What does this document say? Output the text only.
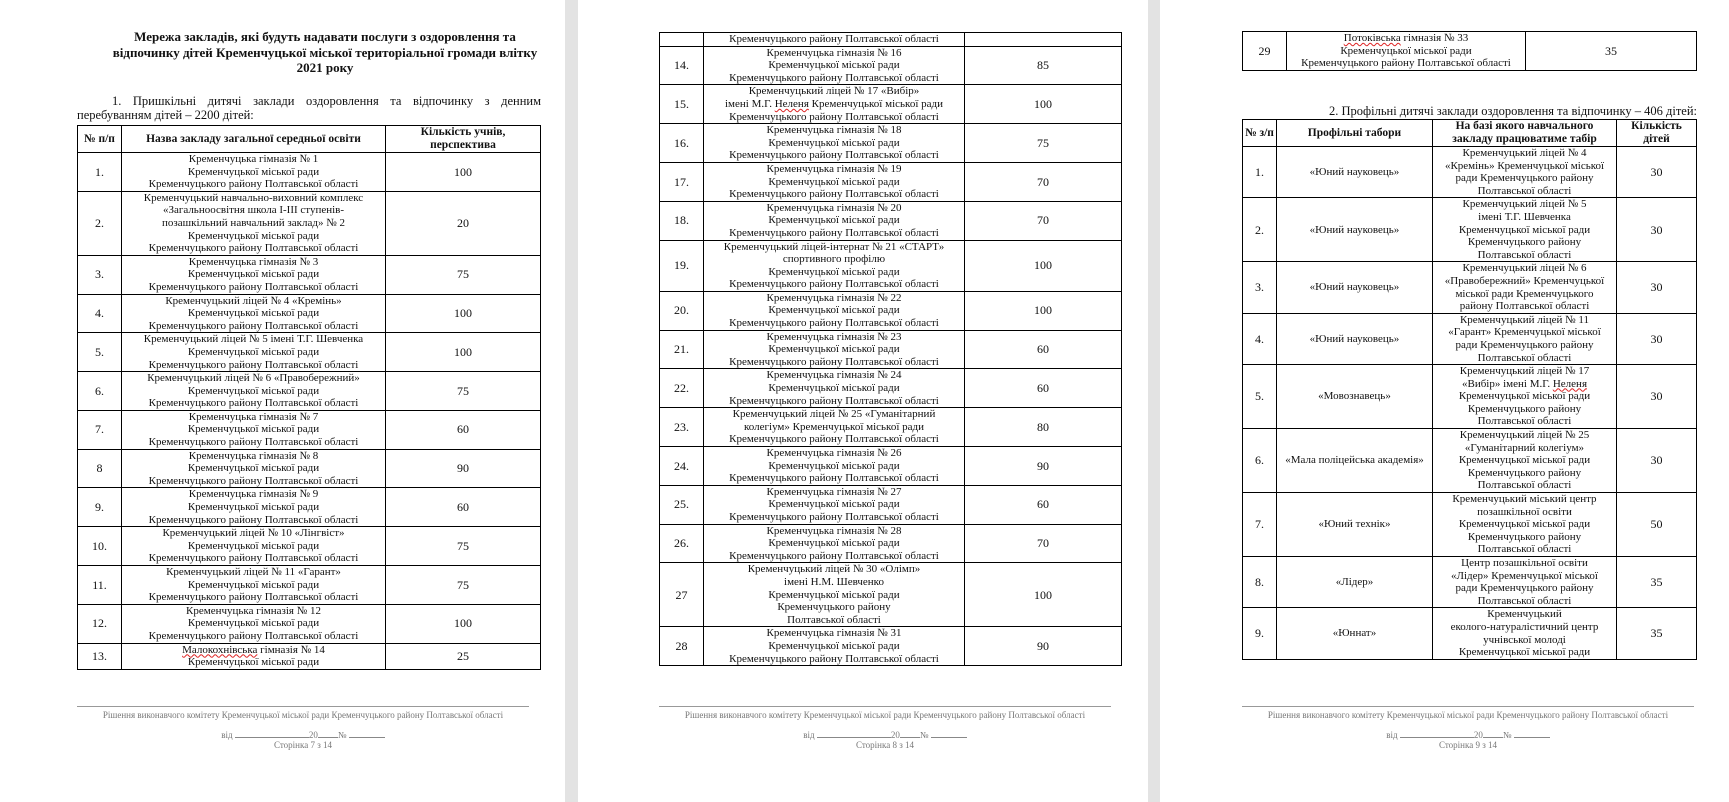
Мережа закладів, які будуть надавати послуги з оздоровлення та відпочинку дітей Кременчуцької міської територіальної громади влітку 2021 року
1. Пришкільні дитячі заклади оздоровлення та відпочинку з денним перебуванням дітей – 2200 дітей:
№ п/п	Назва закладу загальної середньої освіти	Кількість учнів, перспектива
1.	Кременчуцька гімназія № 1
Кременчуцької міської ради
Кременчуцького району Полтавської області	100
2.	Кременчуцький навчально-виховний комплекс
«Загальноосвітня школа І-ІІІ ступенів-
позашкільний навчальний заклад» № 2
Кременчуцької міської ради
Кременчуцького району Полтавської області	20
3.	Кременчуцька гімназія № 3
Кременчуцької міської ради
Кременчуцького району Полтавської області	75
4.	Кременчуцький ліцей № 4 «Кремінь»
Кременчуцької міської ради
Кременчуцького району Полтавської області	100
5.	Кременчуцький ліцей № 5 імені Т.Г. Шевченка
Кременчуцької міської ради
Кременчуцького району Полтавської області	100
6.	Кременчуцький ліцей № 6 «Правобережний»
Кременчуцької міської ради
Кременчуцького району Полтавської області	75
7.	Кременчуцька гімназія № 7
Кременчуцької міської ради
Кременчуцького району Полтавської області	60
8	Кременчуцька гімназія № 8
Кременчуцької міської ради
Кременчуцького району Полтавської області	90
9.	Кременчуцька гімназія № 9
Кременчуцької міської ради
Кременчуцького району Полтавської області	60
10.	Кременчуцький ліцей № 10 «Лінгвіст»
Кременчуцької міської ради
Кременчуцького району Полтавської області	75
11.	Кременчуцький ліцей № 11 «Гарант»
Кременчуцької міської ради
Кременчуцького району Полтавської області	75
12.	Кременчуцька гімназія № 12
Кременчуцької міської ради
Кременчуцького району Полтавської області	100
13.	Малокохнівська гімназія № 14
Кременчуцької міської ради	25
Рішення виконавчого комітету Кременчуцької міської ради Кременчуцького району Полтавської області
від	20 №
Сторінка 7 з 14
	Кременчуцького району Полтавської області	
14.	Кременчуцька гімназія № 16
Кременчуцької міської ради
Кременчуцького району Полтавської області	85
15.	Кременчуцький ліцей № 17 «Вибір»
імені М.Г. Неленя Кременчуцької міської ради
Кременчуцького району Полтавської області	100
16.	Кременчуцька гімназія № 18
Кременчуцької міської ради
Кременчуцького району Полтавської області	75
17.	Кременчуцька гімназія № 19
Кременчуцької міської ради
Кременчуцького району Полтавської області	70
18.	Кременчуцька гімназія № 20
Кременчуцької міської ради
Кременчуцького району Полтавської області	70
19.	Кременчуцький ліцей-інтернат № 21 «СТАРТ»
спортивного профілю
Кременчуцької міської ради
Кременчуцького району Полтавської області	100
20.	Кременчуцька гімназія № 22
Кременчуцької міської ради
Кременчуцького району Полтавської області	100
21.	Кременчуцька гімназія № 23
Кременчуцької міської ради
Кременчуцького району Полтавської області	60
22.	Кременчуцька гімназія № 24
Кременчуцької міської ради
Кременчуцького району Полтавської області	60
23.	Кременчуцький ліцей № 25 «Гуманітарний
колегіум» Кременчуцької міської ради
Кременчуцького району Полтавської області	80
24.	Кременчуцька гімназія № 26
Кременчуцької міської ради
Кременчуцького району Полтавської області	90
25.	Кременчуцька гімназія № 27
Кременчуцької міської ради
Кременчуцького району Полтавської області	60
26.	Кременчуцька гімназія № 28
Кременчуцької міської ради
Кременчуцького району Полтавської області	70
27	Кременчуцький ліцей № 30 «Олімп»
імені Н.М. Шевченко
Кременчуцької міської ради
Кременчуцького району
Полтавської області	100
28	Кременчуцька гімназія № 31
Кременчуцької міської ради
Кременчуцького району Полтавської області	90
Рішення виконавчого комітету Кременчуцької міської ради Кременчуцького району Полтавської області
від	20 №
Сторінка 8 з 14
29	Потоківська гімназія № 33
Кременчуцької міської ради
Кременчуцького району Полтавської області	35
2. Профільні дитячі заклади оздоровлення та відпочинку – 406 дітей:
№ з/п	Профільні табори	На базі якого навчального закладу працюватиме табір	Кількість дітей
1.	«Юний науковець»	Кременчуцький ліцей № 4
«Кремінь» Кременчуцької міської
ради Кременчуцького району
Полтавської області	30
2.	«Юний науковець»	Кременчуцький ліцей № 5
імені Т.Г. Шевченка
Кременчуцької міської ради
Кременчуцького району
Полтавської області	30
3.	«Юний науковець»	Кременчуцький ліцей № 6
«Правобережний» Кременчуцької
міської ради Кременчуцького
району Полтавської області	30
4.	«Юний науковець»	Кременчуцький ліцей № 11
«Гарант» Кременчуцької міської
ради Кременчуцького району
Полтавської області	30
5.	«Мовознавець»	Кременчуцький ліцей № 17
«Вибір» імені М.Г. Неленя
Кременчуцької міської ради
Кременчуцького району
Полтавської області	30
6.	«Мала поліцейська академія»	Кременчуцький ліцей № 25
«Гуманітарний колегіум»
Кременчуцької міської ради
Кременчуцького району
Полтавської області	30
7.	«Юний технік»	Кременчуцький міський центр
позашкільної освіти
Кременчуцької міської ради
Кременчуцького району
Полтавської області	50
8.	«Лідер»	Центр позашкільної освіти
«Лідер» Кременчуцької міської
ради Кременчуцького району
Полтавської області	35
9.	«Юннат»	Кременчуцький
еколого-натуралістичний центр
учнівської молоді
Кременчуцької міської ради	35
Рішення виконавчого комітету Кременчуцької міської ради Кременчуцького району Полтавської області
від	20 №
Сторінка 9 з 14
